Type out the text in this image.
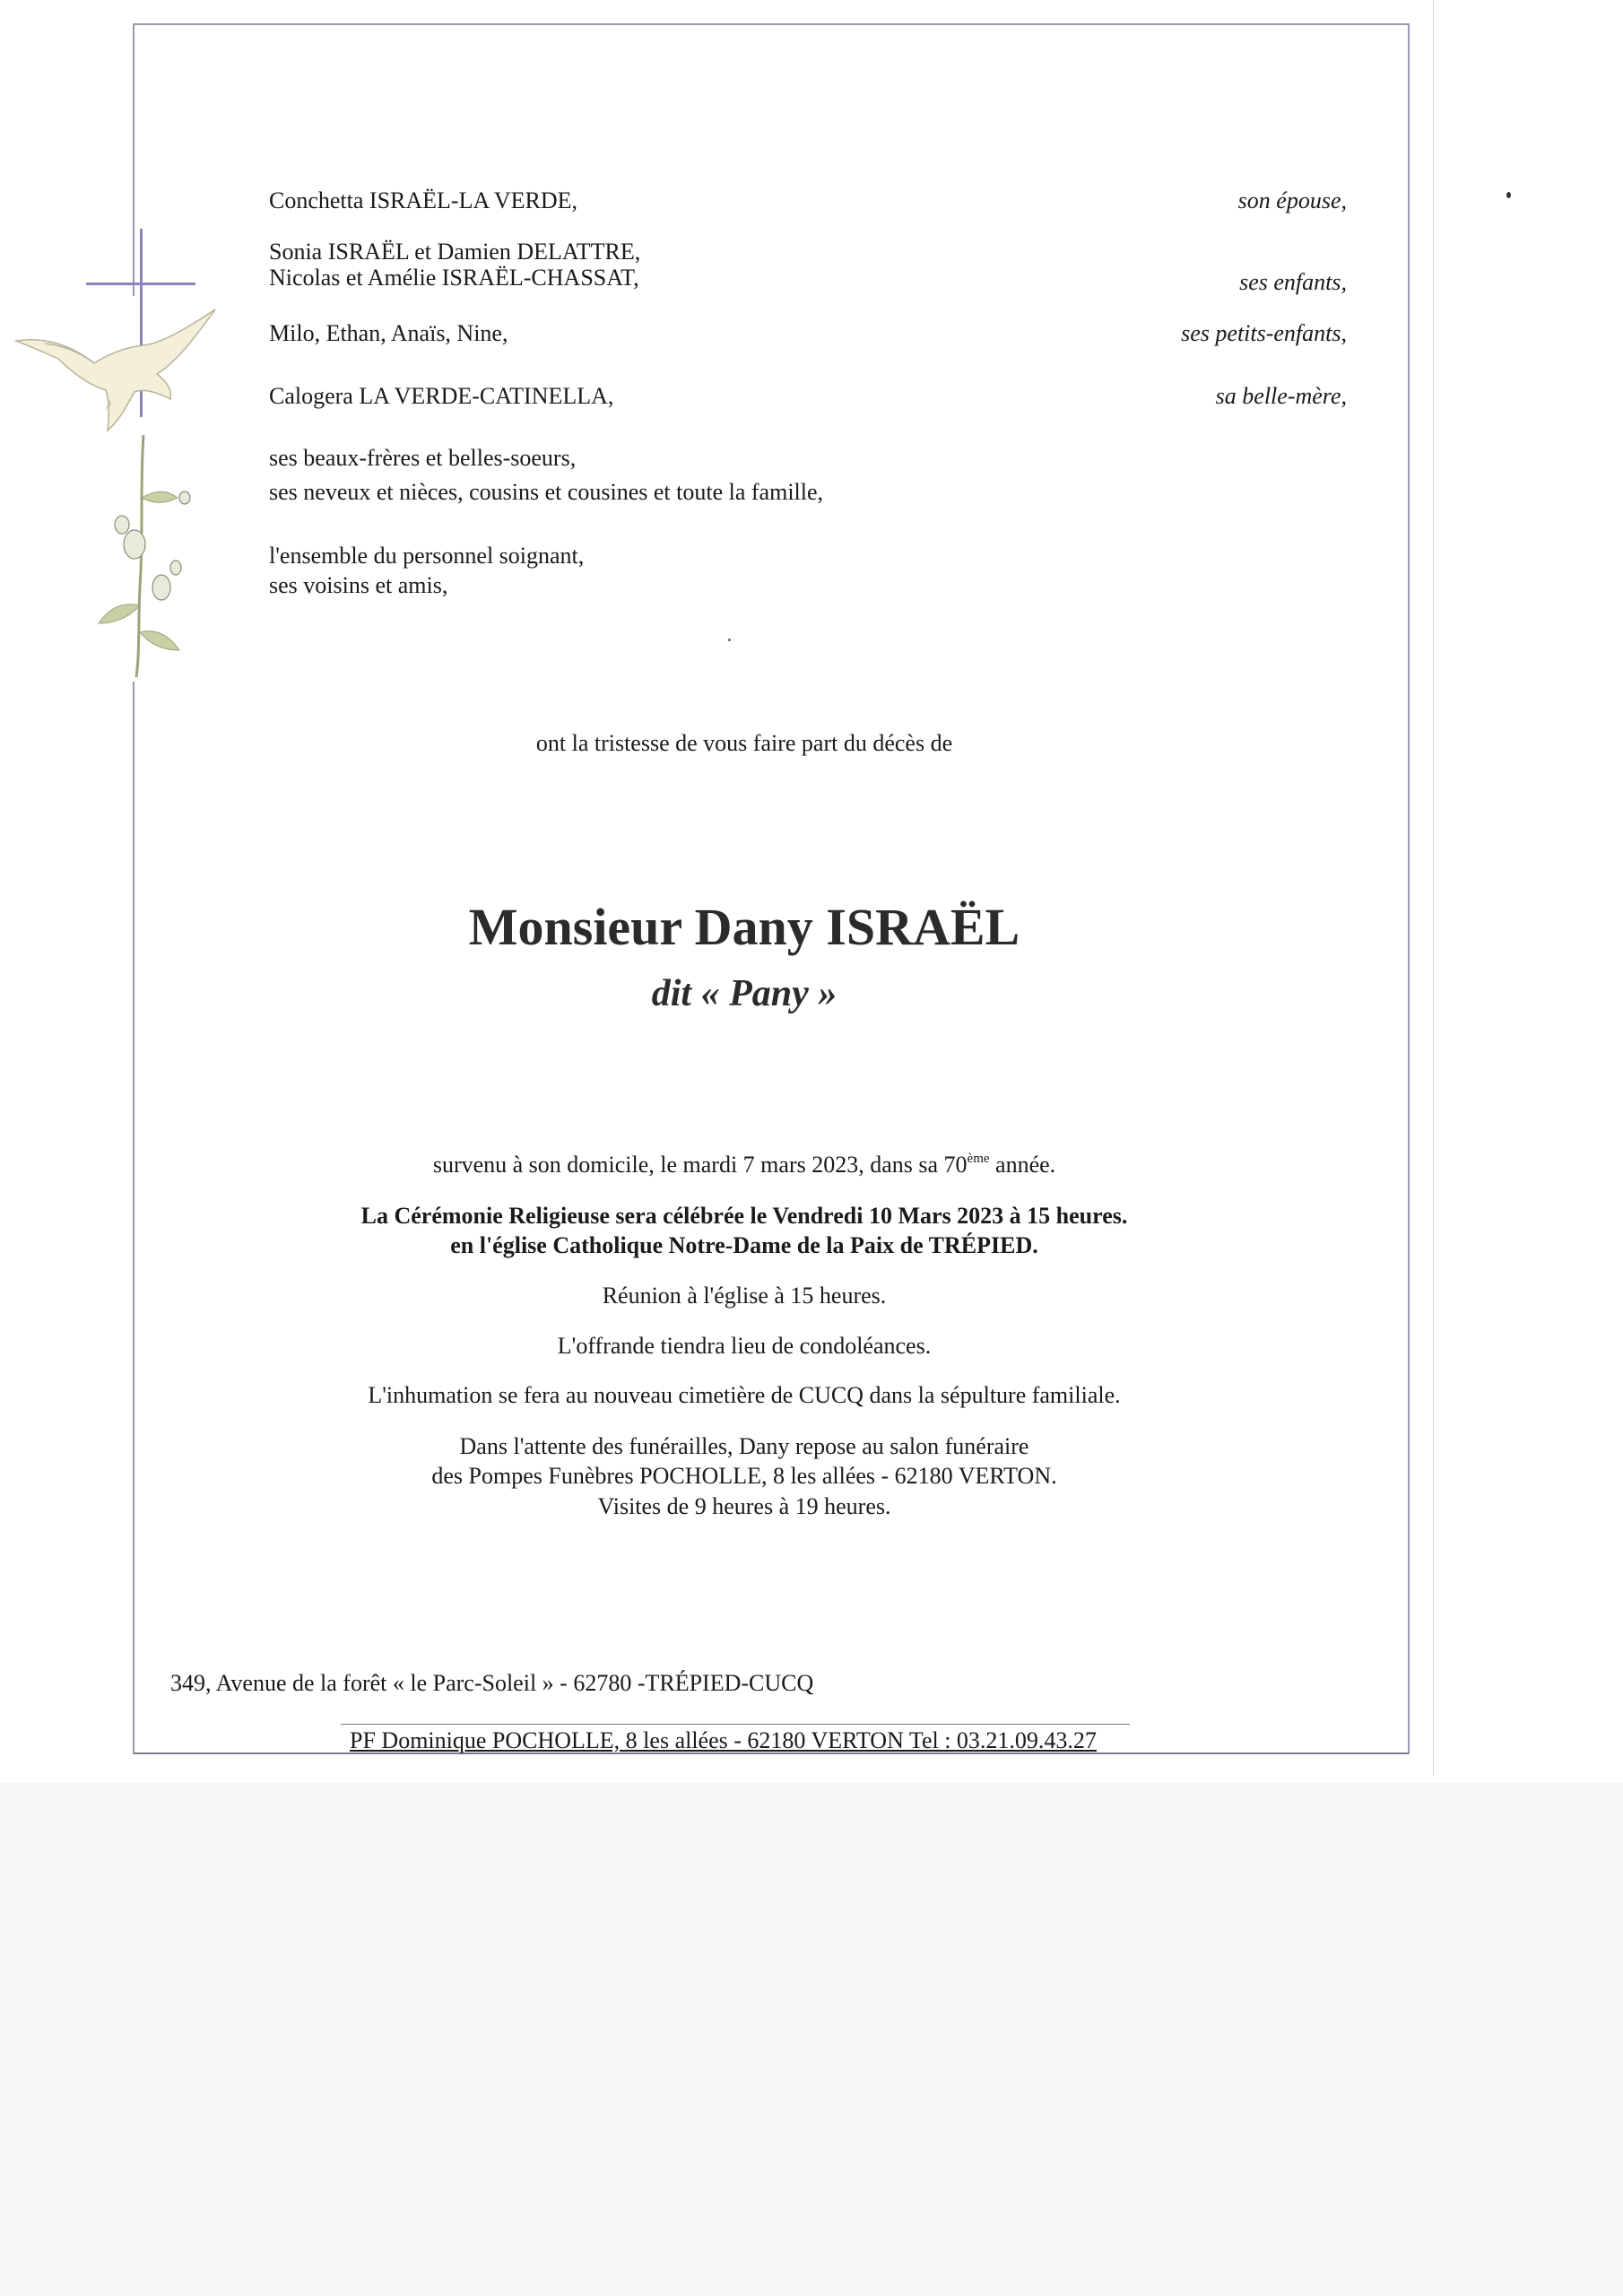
Conchetta ISRAËL-LA VERDE,	son épouse,
Sonia ISRAËL et Damien DELATTRE,
Nicolas et Amélie ISRAËL-CHASSAT,	ses enfants,
Milo, Ethan, Anaïs, Nine,	ses petits-enfants,
Calogera LA VERDE-CATINELLA,	sa belle-mère,
ses beaux-frères et belles-soeurs,
ses neveux et nièces, cousins et cousines et toute la famille,
l'ensemble du personnel soignant,
ses voisins et amis,
ont la tristesse de vous faire part du décès de
Monsieur Dany ISRAËL
dit « Pany »
survenu à son domicile, le mardi 7 mars 2023, dans sa 70ème année.
La Cérémonie Religieuse sera célébrée le Vendredi 10 Mars 2023 à 15 heures.
en l'église Catholique Notre-Dame de la Paix de TRÉPIED.
Réunion à l'église à 15 heures.
L'offrande tiendra lieu de condoléances.
L'inhumation se fera au nouveau cimetière de CUCQ dans la sépulture familiale.
Dans l'attente des funérailles, Dany repose au salon funéraire
des Pompes Funèbres POCHOLLE, 8 les allées - 62180 VERTON.
Visites de 9 heures à 19 heures.
349, Avenue de la forêt « le Parc-Soleil » - 62780 -TRÉPIED-CUCQ
PF Dominique POCHOLLE, 8 les allées - 62180 VERTON Tel : 03.21.09.43.27
